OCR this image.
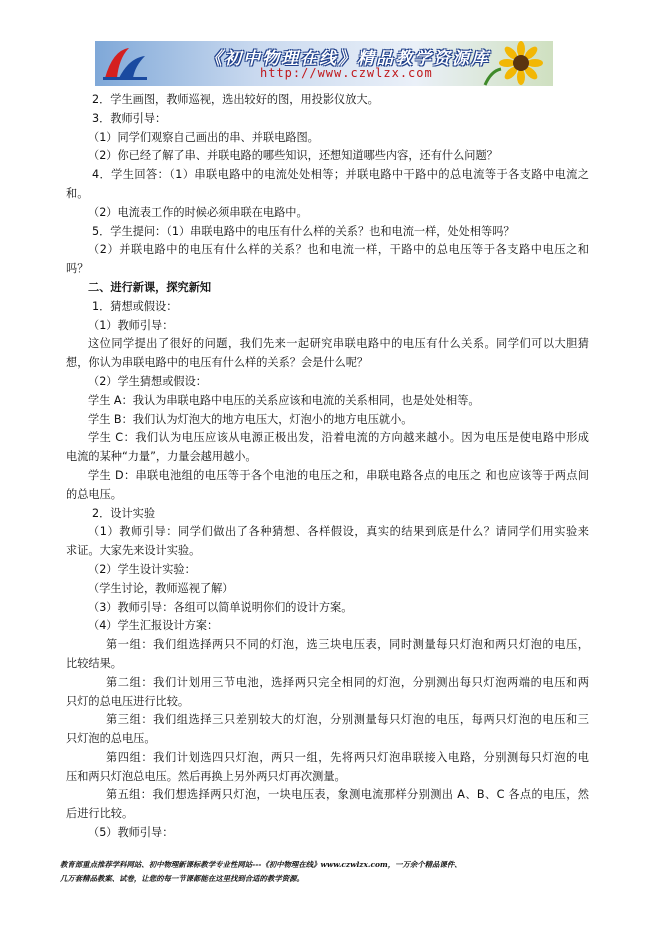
《初中物理在线》精品教学资源库
http://www.czwlzx.com
2．学生画图，教师巡视，选出较好的图，用投影仪放大。
3．教师引导：
（1）同学们观察自己画出的串、并联电路图。
（2）你已经了解了串、并联电路的哪些知识，还想知道哪些内容，还有什么问题？
4．学生回答：（1）串联电路中的电流处处相等；并联电路中干路中的总电流等于各支路中电流之
和。
（2）电流表工作的时候必须串联在电路中。
5．学生提问：（1）串联电路中的电压有什么样的关系？也和电流一样，处处相等吗？
（2）并联电路中的电压有什么样的关系？也和电流一样，干路中的总电压等于各支路中电压之和
吗？
二、进行新课，探究新知
1．猜想或假设：
（1）教师引导：
这位同学提出了很好的问题，我们先来一起研究串联电路中的电压有什么关系。同学们可以大胆猜
想，你认为串联电路中的电压有什么样的关系？会是什么呢？
（2）学生猜想或假设：
学生 A：我认为串联电路中电压的关系应该和电流的关系相同，也是处处相等。
学生 B：我们认为灯泡大的地方电压大，灯泡小的地方电压就小。
学生 C：我们认为电压应该从电源正极出发，沿着电流的方向越来越小。因为电压是使电路中形成
电流的某种“力量”，力量会越用越小。
学生 D：串联电池组的电压等于各个电池的电压之和，串联电路各点的电压之 和也应该等于两点间
的总电压。
2．设计实验
（1）教师引导：同学们做出了各种猜想、各样假设，真实的结果到底是什么？请同学们用实验来
求证。大家先来设计实验。
（2）学生设计实验：
（学生讨论，教师巡视了解）
（3）教师引导：各组可以简单说明你们的设计方案。
（4）学生汇报设计方案：
第一组：我们组选择两只不同的灯泡，选三块电压表，同时测量每只灯泡和两只灯泡的电压，
比较结果。
第二组：我们计划用三节电池，选择两只完全相同的灯泡，分别测出每只灯泡两端的电压和两
只灯的总电压进行比较。
第三组：我们组选择三只差别较大的灯泡，分别测量每只灯泡的电压，每两只灯泡的电压和三
只灯泡的总电压。
第四组：我们计划选四只灯泡，两只一组，先将两只灯泡串联接入电路，分别测每只灯泡的电
压和两只灯泡总电压。然后再换上另外两只灯再次测量。
第五组：我们想选择两只灯泡，一块电压表，象测电流那样分别测出 A、B、C 各点的电压，然
后进行比较。
（5）教师引导：
教育部重点推荐学科网站、初中物理新课标教学专业性网站---《初中物理在线》www.czwlzx.com，一万余个精品课件、
几万套精品教案、试卷，让您的每一节课都能在这里找到合适的教学资源。
